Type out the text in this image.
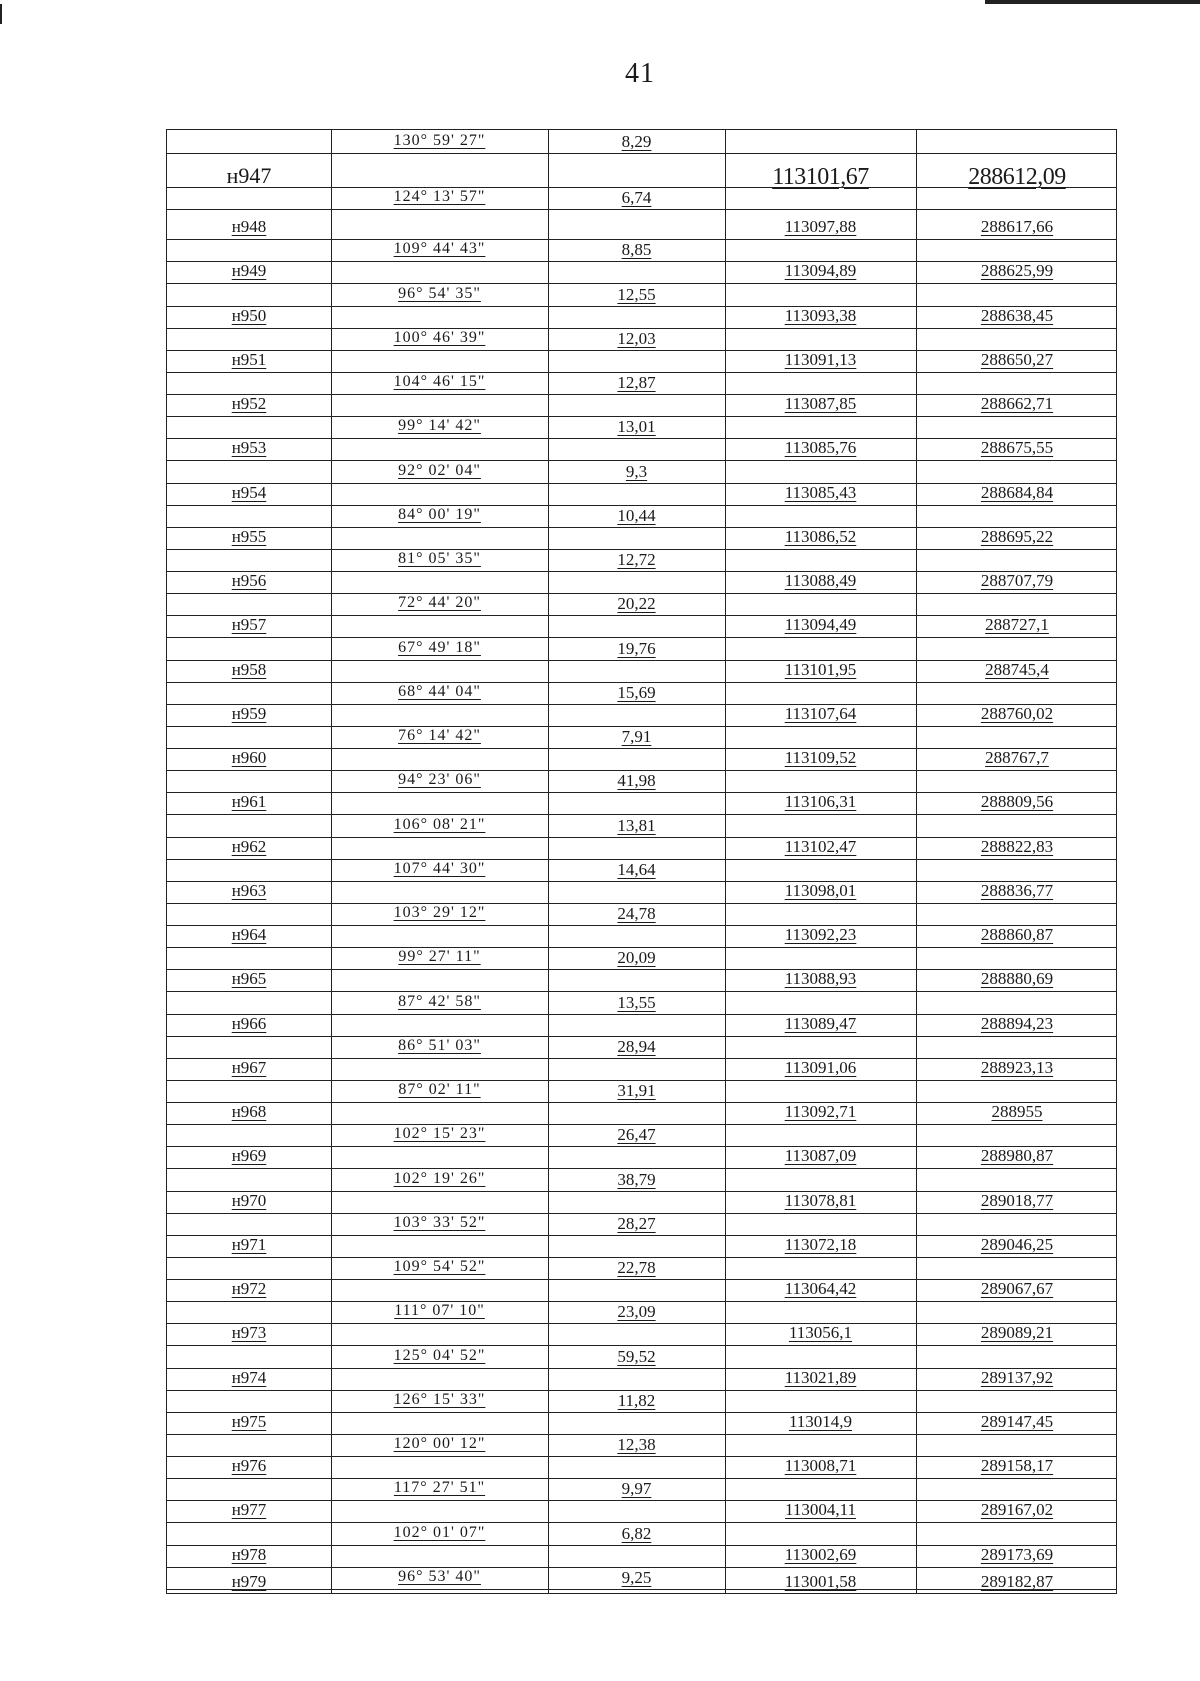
41
130° 59' 27"	8,29
н947	113101,67	288612,09
124° 13' 57"	6,74
н948	113097,88	288617,66
109° 44' 43"	8,85
н949	113094,89	288625,99
96° 54' 35"	12,55
н950	113093,38	288638,45
100° 46' 39"	12,03
н951	113091,13	288650,27
104° 46' 15"	12,87
н952	113087,85	288662,71
99° 14' 42"	13,01
н953	113085,76	288675,55
92° 02' 04"	9,3
н954	113085,43	288684,84
84° 00' 19"	10,44
н955	113086,52	288695,22
81° 05' 35"	12,72
н956	113088,49	288707,79
72° 44' 20"	20,22
н957	113094,49	288727,1
67° 49' 18"	19,76
н958	113101,95	288745,4
68° 44' 04"	15,69
н959	113107,64	288760,02
76° 14' 42"	7,91
н960	113109,52	288767,7
94° 23' 06"	41,98
н961	113106,31	288809,56
106° 08' 21"	13,81
н962	113102,47	288822,83
107° 44' 30"	14,64
н963	113098,01	288836,77
103° 29' 12"	24,78
н964	113092,23	288860,87
99° 27' 11"	20,09
н965	113088,93	288880,69
87° 42' 58"	13,55
н966	113089,47	288894,23
86° 51' 03"	28,94
н967	113091,06	288923,13
87° 02' 11"	31,91
н968	113092,71	288955
102° 15' 23"	26,47
н969	113087,09	288980,87
102° 19' 26"	38,79
н970	113078,81	289018,77
103° 33' 52"	28,27
н971	113072,18	289046,25
109° 54' 52"	22,78
н972	113064,42	289067,67
111° 07' 10"	23,09
н973	113056,1	289089,21
125° 04' 52"	59,52
н974	113021,89	289137,92
126° 15' 33"	11,82
н975	113014,9	289147,45
120° 00' 12"	12,38
н976	113008,71	289158,17
117° 27' 51"	9,97
н977	113004,11	289167,02
102° 01' 07"	6,82
н978	113002,69	289173,69
96° 53' 40"	9,25
н979	113001,58	289182,87
